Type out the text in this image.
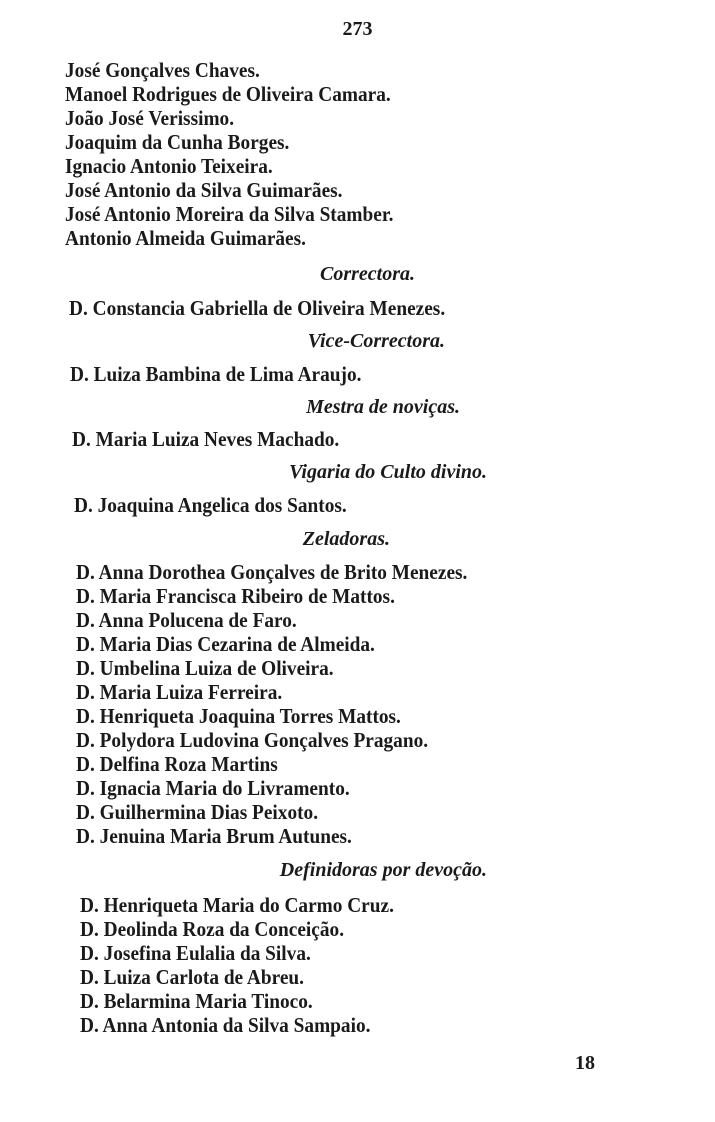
273
José Gonçalves Chaves.
Manoel Rodrigues de Oliveira Camara.
João José Verissimo.
Joaquim da Cunha Borges.
Ignacio Antonio Teixeira.
José Antonio da Silva Guimarães.
José Antonio Moreira da Silva Stamber.
Antonio Almeida Guimarães.
Correctora.
D. Constancia Gabriella de Oliveira Menezes.
Vice-Correctora.
D. Luiza Bambina de Lima Araujo.
Mestra de noviças.
D. Maria Luiza Neves Machado.
Vigaria do Culto divino.
D. Joaquina Angelica dos Santos.
Zeladoras.
D. Anna Dorothea Gonçalves de Brito Menezes.
D. Maria Francisca Ribeiro de Mattos.
D. Anna Polucena de Faro.
D. Maria Dias Cezarina de Almeida.
D. Umbelina Luiza de Oliveira.
D. Maria Luiza Ferreira.
D. Henriqueta Joaquina Torres Mattos.
D. Polydora Ludovina Gonçalves Pragano.
D. Delfina Roza Martins
D. Ignacia Maria do Livramento.
D. Guilhermina Dias Peixoto.
D. Jenuina Maria Brum Autunes.
Definidoras por devoção.
D. Henriqueta Maria do Carmo Cruz.
D. Deolinda Roza da Conceição.
D. Josefina Eulalia da Silva.
D. Luiza Carlota de Abreu.
D. Belarmina Maria Tinoco.
D. Anna Antonia da Silva Sampaio.
18
